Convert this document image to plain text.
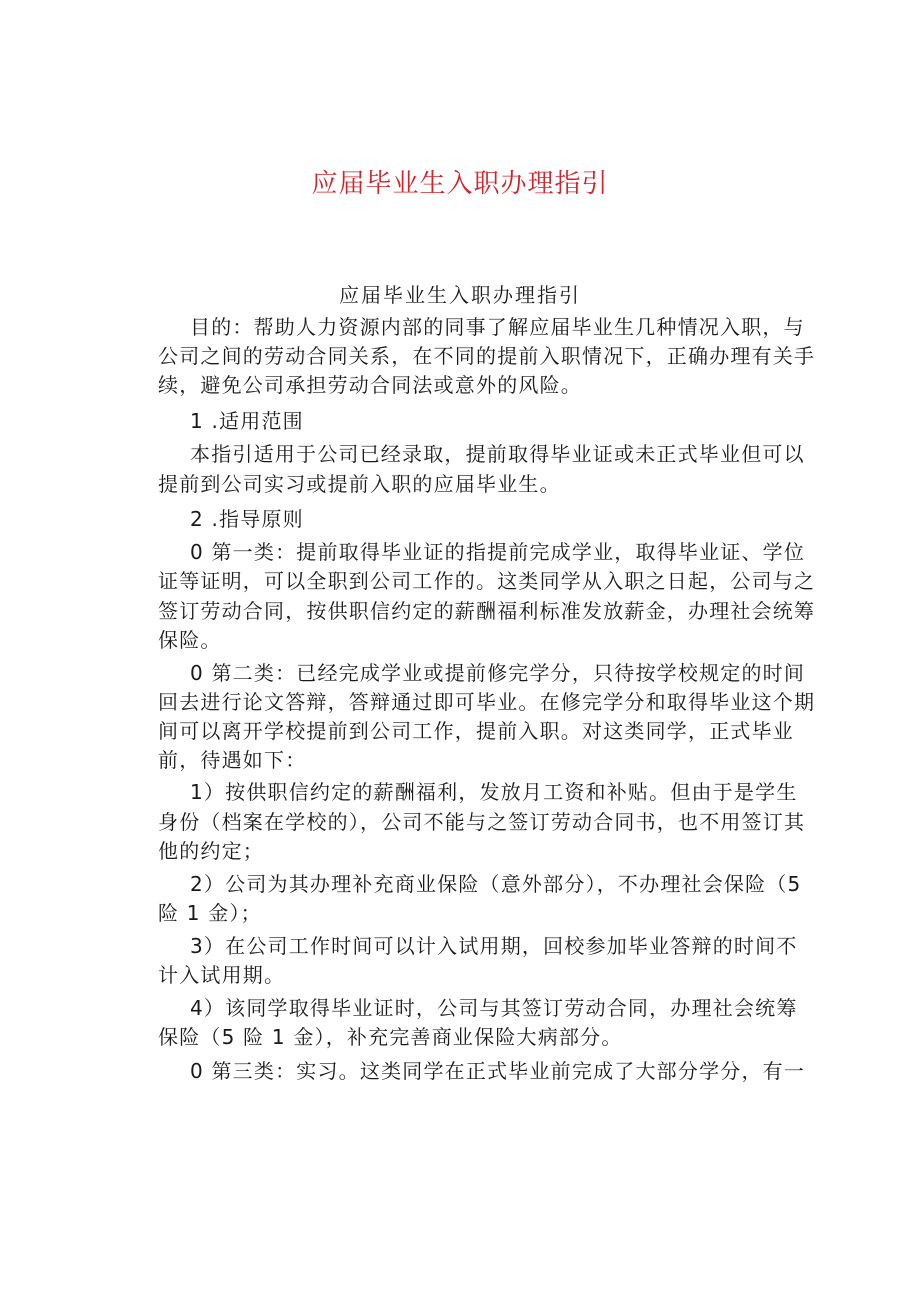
应届毕业生入职办理指引
应届毕业生入职办理指引
目的：帮助人力资源内部的同事了解应届毕业生几种情况入职，与
公司之间的劳动合同关系，在不同的提前入职情况下，正确办理有关手
续，避免公司承担劳动合同法或意外的风险。
1 .适用范围
本指引适用于公司已经录取，提前取得毕业证或未正式毕业但可以
提前到公司实习或提前入职的应届毕业生。
2 .指导原则
0 第一类：提前取得毕业证的指提前完成学业，取得毕业证、学位
证等证明，可以全职到公司工作的。这类同学从入职之日起，公司与之
签订劳动合同，按供职信约定的薪酬福利标准发放薪金，办理社会统筹
保险。
0 第二类：已经完成学业或提前修完学分，只待按学校规定的时间
回去进行论文答辩，答辩通过即可毕业。在修完学分和取得毕业这个期
间可以离开学校提前到公司工作，提前入职。对这类同学，正式毕业
前，待遇如下：
1）按供职信约定的薪酬福利，发放月工资和补贴。但由于是学生
身份（档案在学校的），公司不能与之签订劳动合同书，也不用签订其
他的约定；
2）公司为其办理补充商业保险（意外部分），不办理社会保险（5
险 1 金）；
3）在公司工作时间可以计入试用期，回校参加毕业答辩的时间不
计入试用期。
4）该同学取得毕业证时，公司与其签订劳动合同，办理社会统筹
保险（5 险 1 金），补充完善商业保险大病部分。
0 第三类：实习。这类同学在正式毕业前完成了大部分学分，有一
